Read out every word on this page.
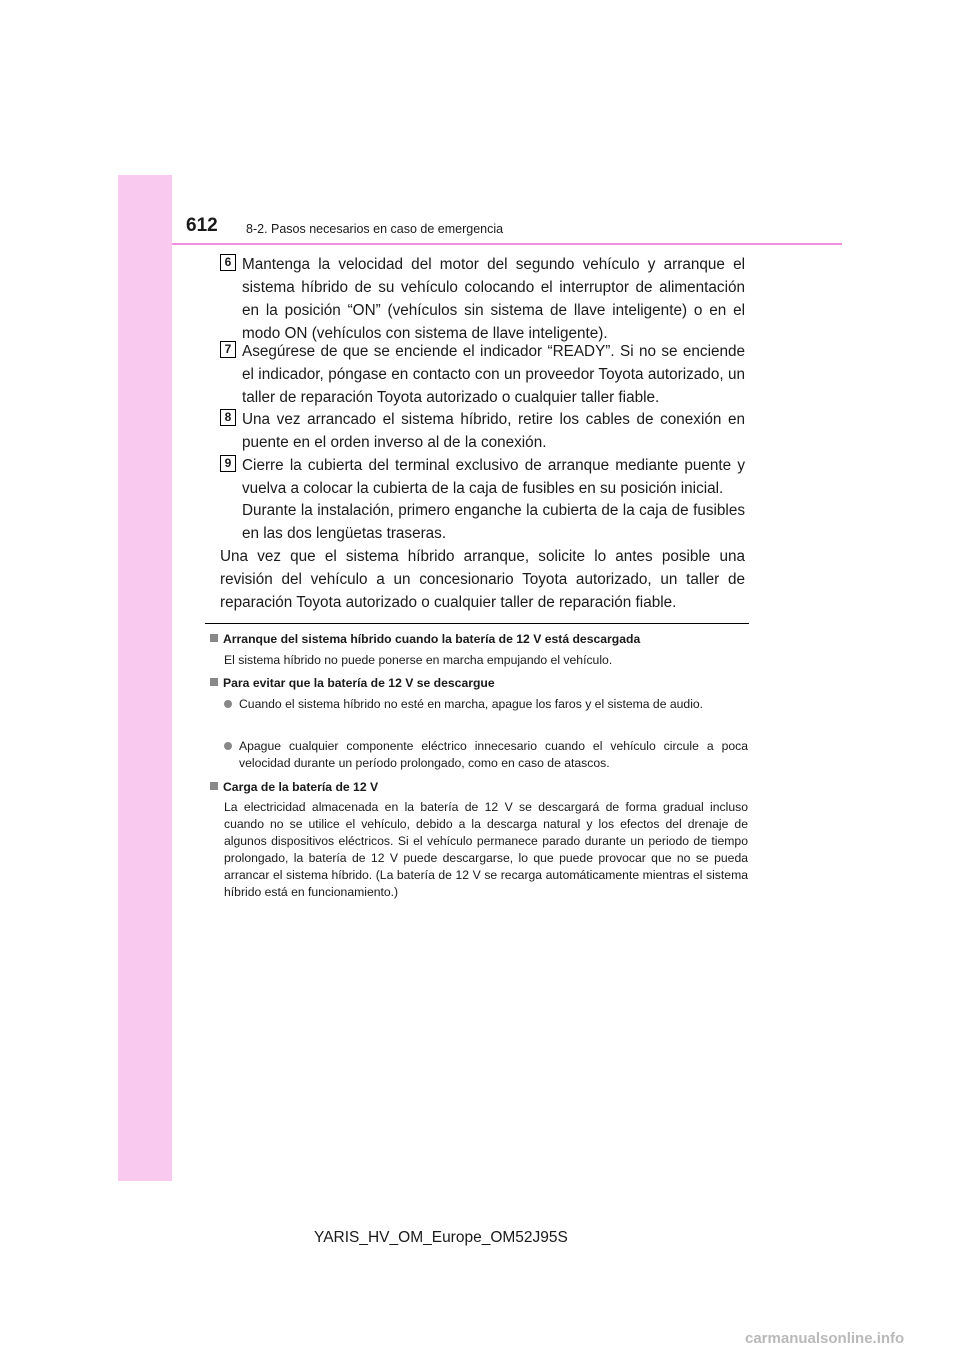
612 8-2. Pasos necesarios en caso de emergencia
6 Mantenga la velocidad del motor del segundo vehículo y arranque el sistema híbrido de su vehículo colocando el interruptor de alimentación en la posición “ON” (vehículos sin sistema de llave inteligente) o en el modo ON (vehículos con sistema de llave inteligente).
7 Asegúrese de que se enciende el indicador “READY”. Si no se enciende el indicador, póngase en contacto con un proveedor Toyota autorizado, un taller de reparación Toyota autorizado o cualquier taller fiable.
8 Una vez arrancado el sistema híbrido, retire los cables de conexión en puente en el orden inverso al de la conexión.
9 Cierre la cubierta del terminal exclusivo de arranque mediante puente y vuelva a colocar la cubierta de la caja de fusibles en su posición inicial.
Durante la instalación, primero enganche la cubierta de la caja de fusibles en las dos lengüetas traseras.
Una vez que el sistema híbrido arranque, solicite lo antes posible una revisión del vehículo a un concesionario Toyota autorizado, un taller de reparación Toyota autorizado o cualquier taller de reparación fiable.
Arranque del sistema híbrido cuando la batería de 12 V está descargada
El sistema híbrido no puede ponerse en marcha empujando el vehículo.
Para evitar que la batería de 12 V se descargue
Cuando el sistema híbrido no esté en marcha, apague los faros y el sistema de audio.
Apague cualquier componente eléctrico innecesario cuando el vehículo circule a poca velocidad durante un período prolongado, como en caso de atascos.
Carga de la batería de 12 V
La electricidad almacenada en la batería de 12 V se descargará de forma gradual incluso cuando no se utilice el vehículo, debido a la descarga natural y los efectos del drenaje de algunos dispositivos eléctricos. Si el vehículo permanece parado durante un periodo de tiempo prolongado, la batería de 12 V puede descargarse, lo que puede provocar que no se pueda arrancar el sistema híbrido. (La batería de 12 V se recarga automáticamente mientras el sistema híbrido está en funcionamiento.)
YARIS_HV_OM_Europe_OM52J95S
carmanualsonline.info
